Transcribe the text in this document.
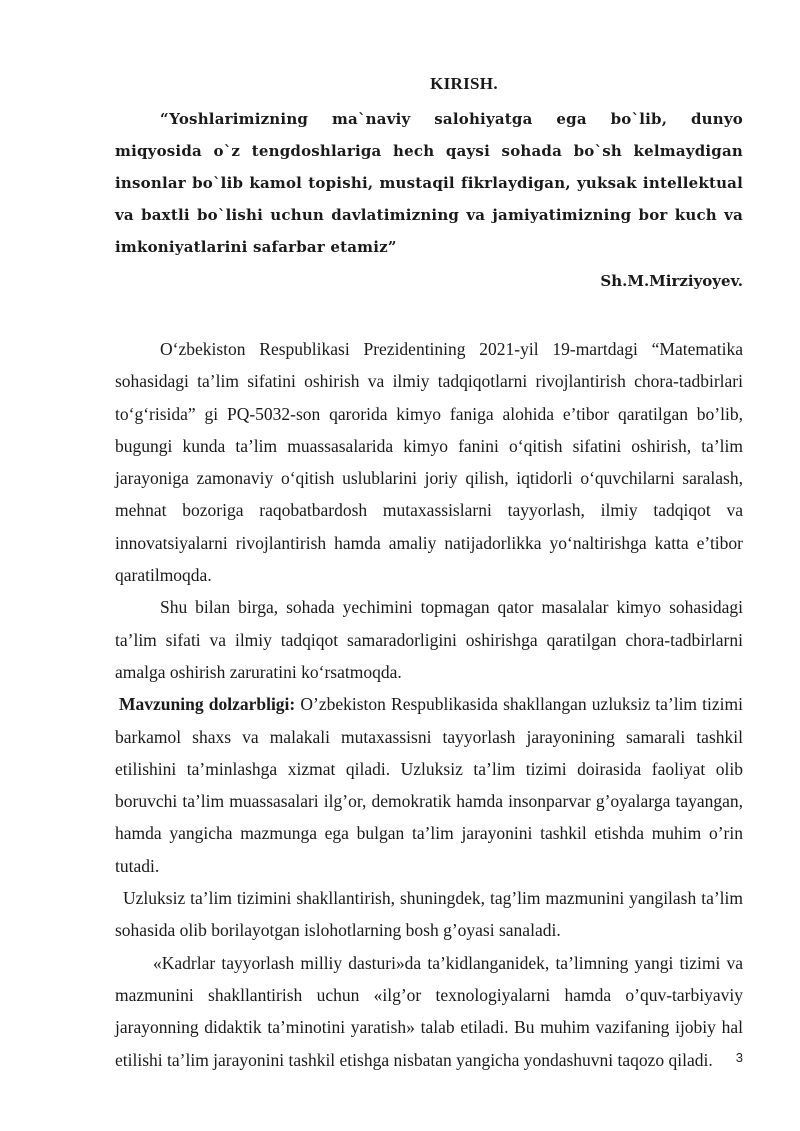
KIRISH.

“Yoshlarimizning ma`naviy salohiyatga ega bo`lib, dunyo miqyosida o`z tengdoshlariga hech qaysi sohada bo`sh kelmaydigan insonlar bo`lib kamol topishi, mustaqil fikrlaydigan, yuksak intellektual va baxtli bo`lishi uchun davlatimizning va jamiyatimizning bor kuch va imkoniyatlarini safarbar etamiz”

Sh.M.Mirziyoyev.

O‘zbekiston Respublikasi Prezidentining 2021-yil 19-martdagi “Matematika sohasidagi ta’lim sifatini oshirish va ilmiy tadqiqotlarni rivojlantirish chora-tadbirlari to‘g‘risida” gi PQ-5032-son qarorida kimyo faniga alohida e’tibor qaratilgan bo’lib, bugungi kunda ta’lim muassasalarida kimyo fanini o‘qitish sifatini oshirish, ta’lim jarayoniga zamonaviy o‘qitish uslublarini joriy qilish, iqtidorli o‘quvchilarni saralash, mehnat bozoriga raqobatbardosh mutaxassislarni tayyorlash, ilmiy tadqiqot va innovatsiyalarni rivojlantirish hamda amaliy natijadorlikka yo‘naltirishga katta e’tibor qaratilmoqda.

Shu bilan birga, sohada yechimini topmagan qator masalalar kimyo sohasidagi ta’lim sifati va ilmiy tadqiqot samaradorligini oshirishga qaratilgan chora-tadbirlarni amalga oshirish zaruratini ko‘rsatmoqda.

Mavzuning dolzarbligi: O’zbekiston Respublikasida shakllangan uzluksiz ta’lim tizimi barkamol shaxs va malakali mutaxassisni tayyorlash jarayonining samarali tashkil etilishini ta’minlashga xizmat qiladi. Uzluksiz ta’lim tizimi doirasida faoliyat olib boruvchi ta’lim muassasalari ilg’or, demokratik hamda insonparvar g’oyalarga tayangan, hamda yangicha mazmunga ega bulgan ta’lim jarayonini tashkil etishda muhim o’rin tutadi.

Uzluksiz ta’lim tizimini shakllantirish, shuningdek, tag’lim mazmunini yangilash ta’lim sohasida olib borilayotgan islohotlarning bosh g’oyasi sanaladi.

«Kadrlar tayyorlash milliy dasturi»da ta’kidlanganidek, ta’limning yangi tizimi va mazmunini shakllantirish uchun «ilg’or texnologiyalarni hamda o’quv-tarbiyaviy jarayonning didaktik ta’minotini yaratish» talab etiladi. Bu muhim vazifaning ijobiy hal etilishi ta’lim jarayonini tashkil etishga nisbatan yangicha yondashuvni taqozo qiladi.	3
